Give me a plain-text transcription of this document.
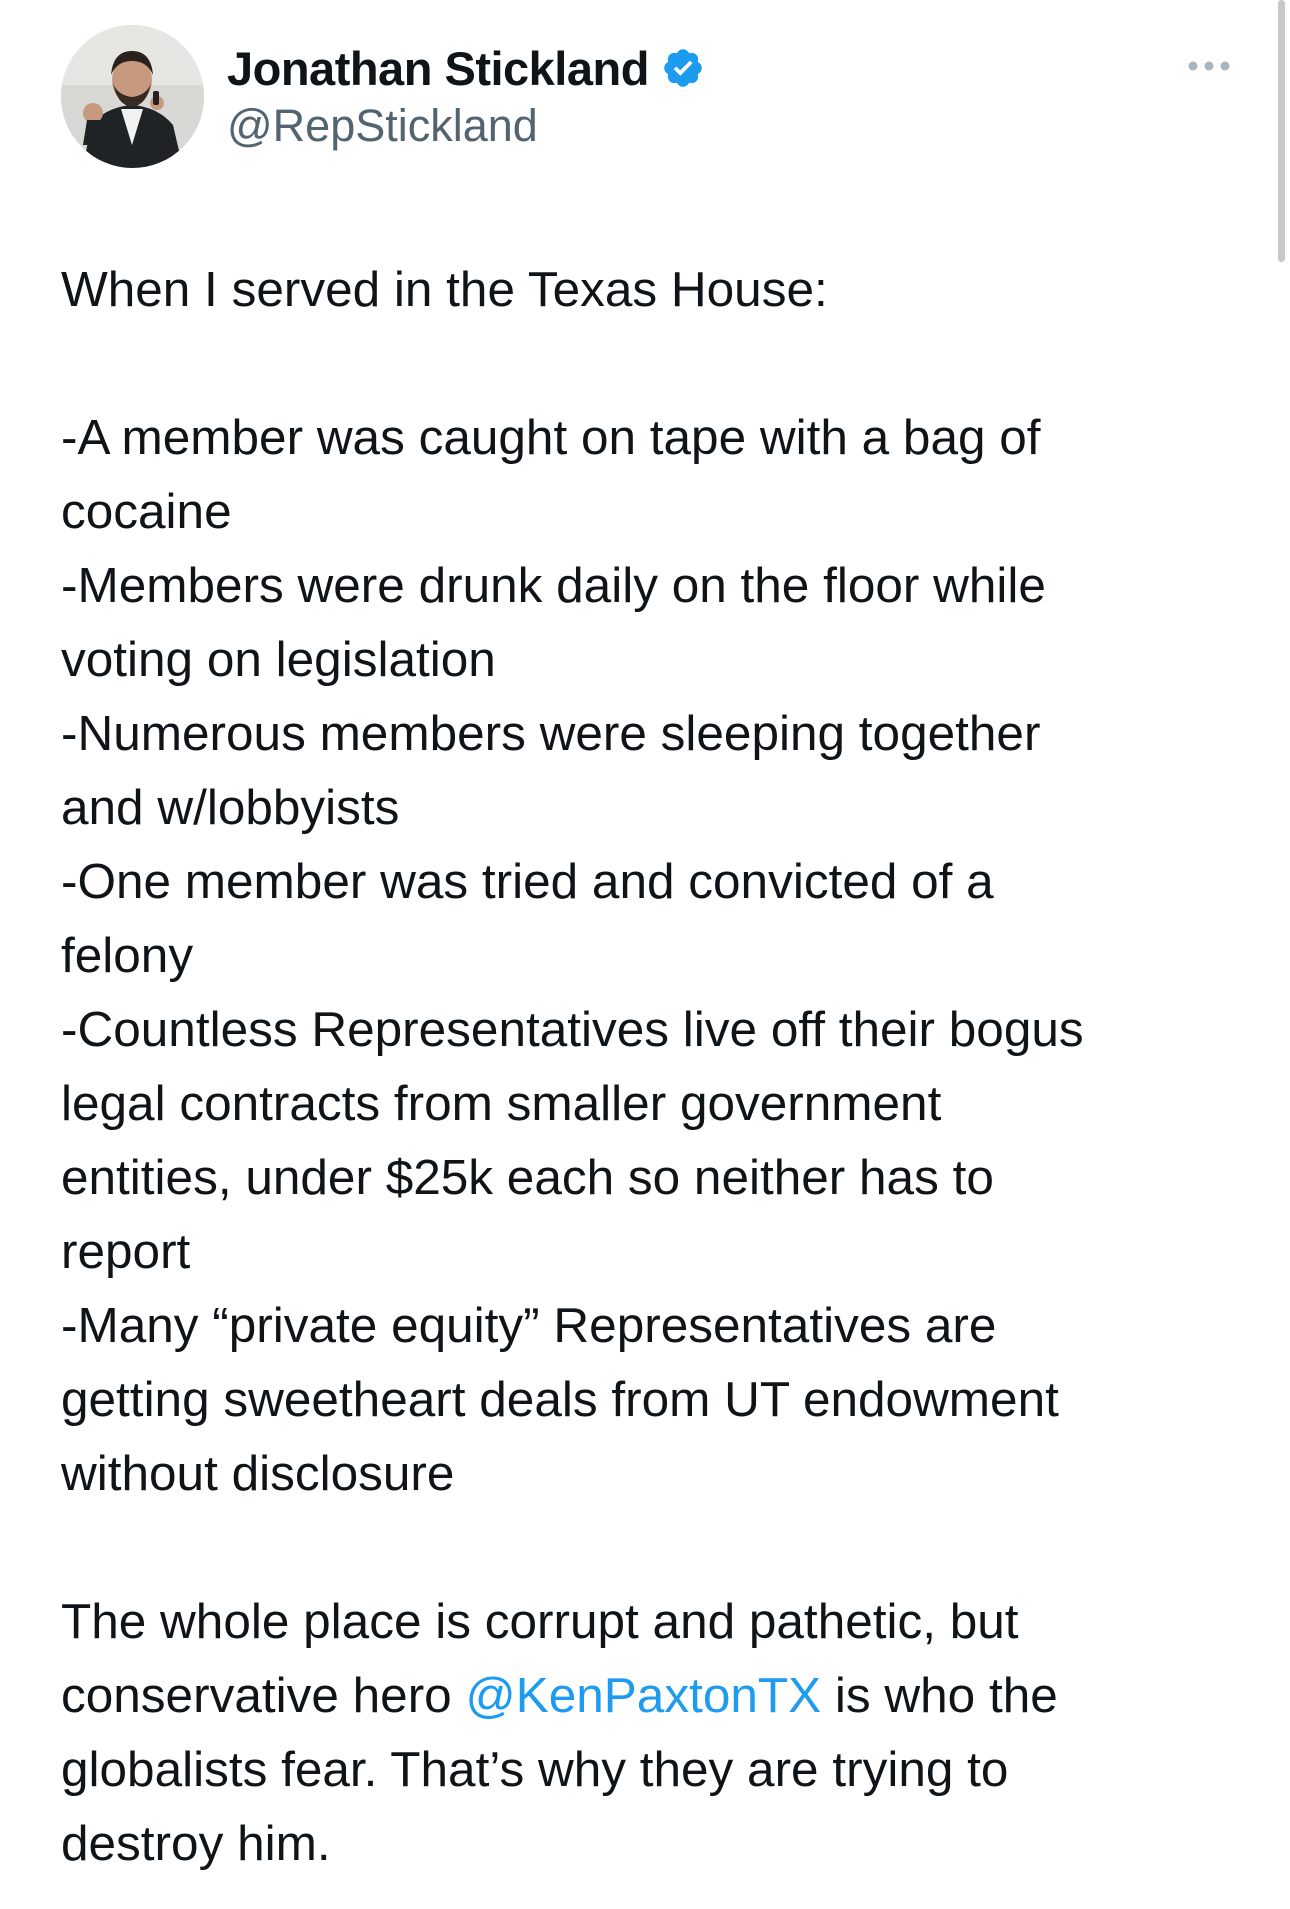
Jonathan Stickland
@RepStickland
When I served in the Texas House:
-A member was caught on tape with a bag of
cocaine
-Members were drunk daily on the floor while
voting on legislation
-Numerous members were sleeping together
and w/lobbyists
-One member was tried and convicted of a
felony
-Countless Representatives live off their bogus
legal contracts from smaller government
entities, under $25k each so neither has to
report
-Many “private equity” Representatives are
getting sweetheart deals from UT endowment
without disclosure
The whole place is corrupt and pathetic, but
conservative hero @KenPaxtonTX is who the
globalists fear. That’s why they are trying to
destroy him.
